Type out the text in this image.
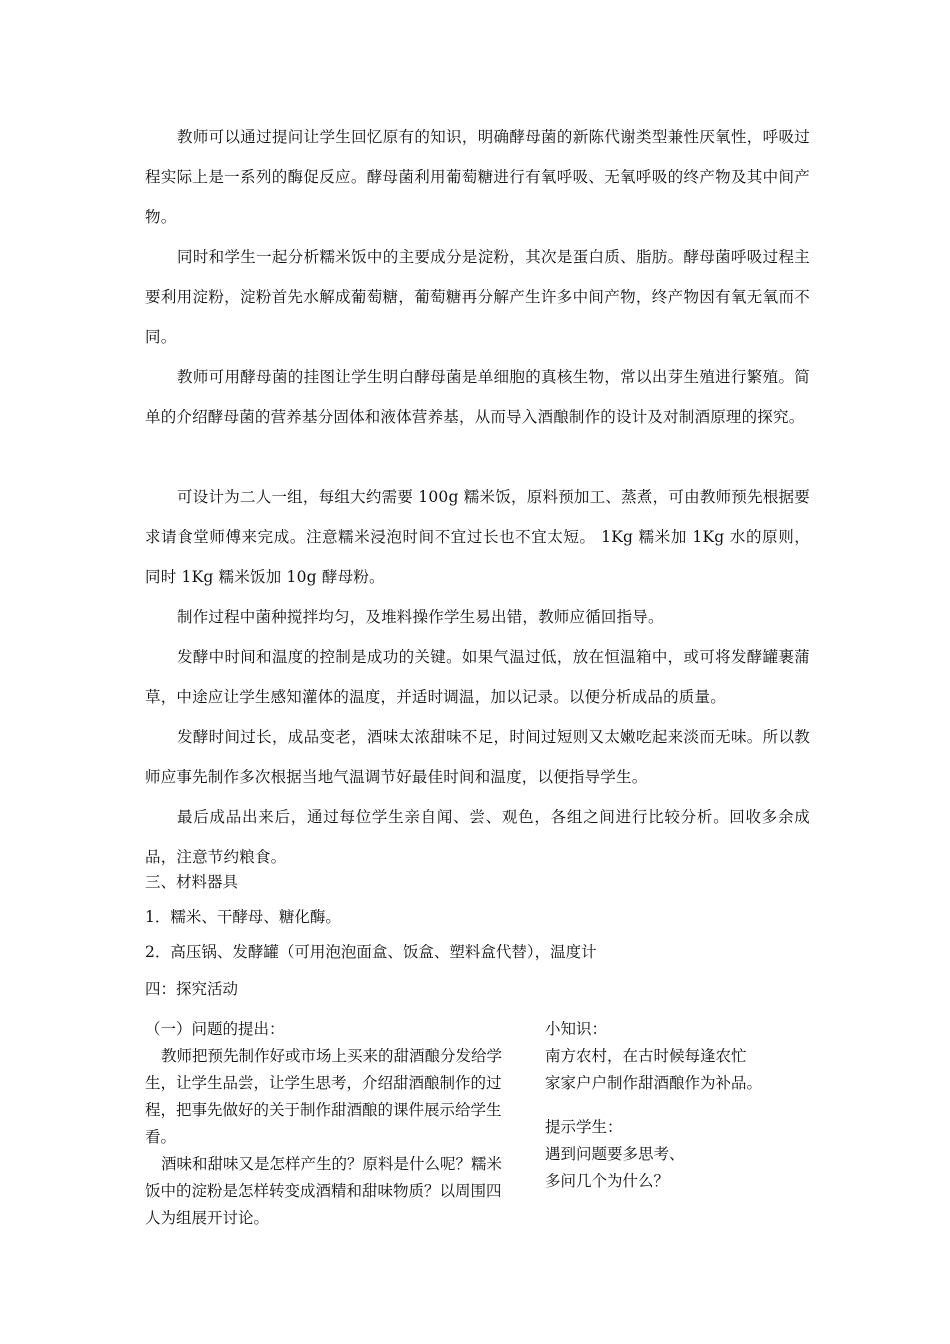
教师可以通过提问让学生回忆原有的知识，明确酵母菌的新陈代谢类型兼性厌氧性，呼吸过程实际上是一系列的酶促反应。酵母菌利用葡萄糖进行有氧呼吸、无氧呼吸的终产物及其中间产物。

同时和学生一起分析糯米饭中的主要成分是淀粉，其次是蛋白质、脂肪。酵母菌呼吸过程主要利用淀粉，淀粉首先水解成葡萄糖，葡萄糖再分解产生许多中间产物，终产物因有氧无氧而不同。

教师可用酵母菌的挂图让学生明白酵母菌是单细胞的真核生物，常以出芽生殖进行繁殖。简单的介绍酵母菌的营养基分固体和液体营养基，从而导入酒酿制作的设计及对制酒原理的探究。

可设计为二人一组，每组大约需要 100g 糯米饭，原料预加工、蒸煮，可由教师预先根据要求请食堂师傅来完成。注意糯米浸泡时间不宜过长也不宜太短。 1Kg 糯米加 1Kg 水的原则，同时 1Kg 糯米饭加 10g 酵母粉。

制作过程中菌种搅拌均匀，及堆料操作学生易出错，教师应循回指导。

发酵中时间和温度的控制是成功的关键。如果气温过低，放在恒温箱中，或可将发酵罐裹蒲草，中途应让学生感知灌体的温度，并适时调温，加以记录。以便分析成品的质量。

发酵时间过长，成品变老，酒味太浓甜味不足，时间过短则又太嫩吃起来淡而无味。所以教师应事先制作多次根据当地气温调节好最佳时间和温度，以便指导学生。

最后成品出来后，通过每位学生亲自闻、尝、观色，各组之间进行比较分析。回收多余成品，注意节约粮食。

三、材料器具
1．糯米、干酵母、糖化酶。
2．高压锅、发酵罐（可用泡泡面盒、饭盒、塑料盒代替），温度计
四：探究活动
（一）问题的提出：

教师把预先制作好或市场上买来的甜酒酿分发给学生，让学生品尝，让学生思考，介绍甜酒酿制作的过程，把事先做好的关于制作甜酒酿的课件展示给学生看。

酒味和甜味又是怎样产生的？原料是什么呢？糯米饭中的淀粉是怎样转变成酒精和甜味物质？以周围四人为组展开讨论。

小知识：
南方农村，在古时候每逢农忙
家家户户制作甜酒酿作为补品。
提示学生：
遇到问题要多思考、
多问几个为什么？
